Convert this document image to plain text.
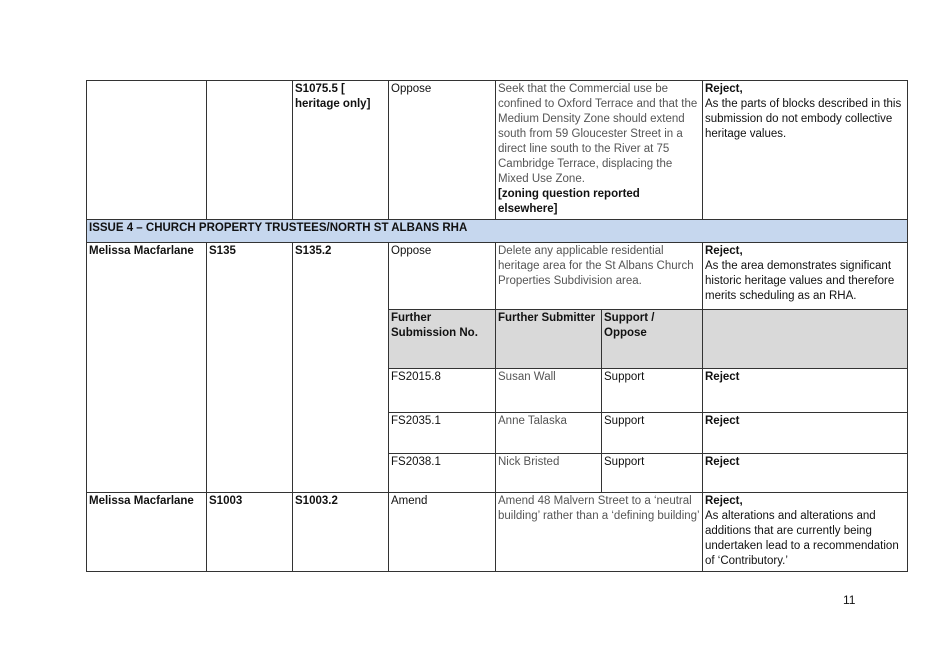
		S1075.5 [ heritage only]	Oppose	Seek that the Commercial use be confined to Oxford Terrace and that the Medium Density Zone should extend south from 59 Gloucester Street in a direct line south to the River at 75 Cambridge Terrace, displacing the Mixed Use Zone.
[zoning question reported elsewhere]		Reject,
As the parts of blocks described in this submission do not embody collective heritage values.
ISSUE 4 – CHURCH PROPERTY TRUSTEES/NORTH ST ALBANS RHA						
Melissa Macfarlane	S135	S135.2	Oppose	Delete any applicable residential heritage area for the St Albans Church Properties Subdivision area.		Reject,
As the area demonstrates significant historic heritage values and therefore merits scheduling as an RHA.
			Further Submission No.	Further Submitter	Support / Oppose	
			FS2015.8	Susan Wall	Support	Reject
			FS2035.1	Anne Talaska	Support	Reject
			FS2038.1	Nick Bristed	Support	Reject
Melissa Macfarlane	S1003	S1003.2	Amend	Amend 48 Malvern Street to a ‘neutral building’ rather than a ‘defining building’		Reject,
As alterations and alterations and additions that are currently being undertaken lead to a recommendation of ‘Contributory.’
11
